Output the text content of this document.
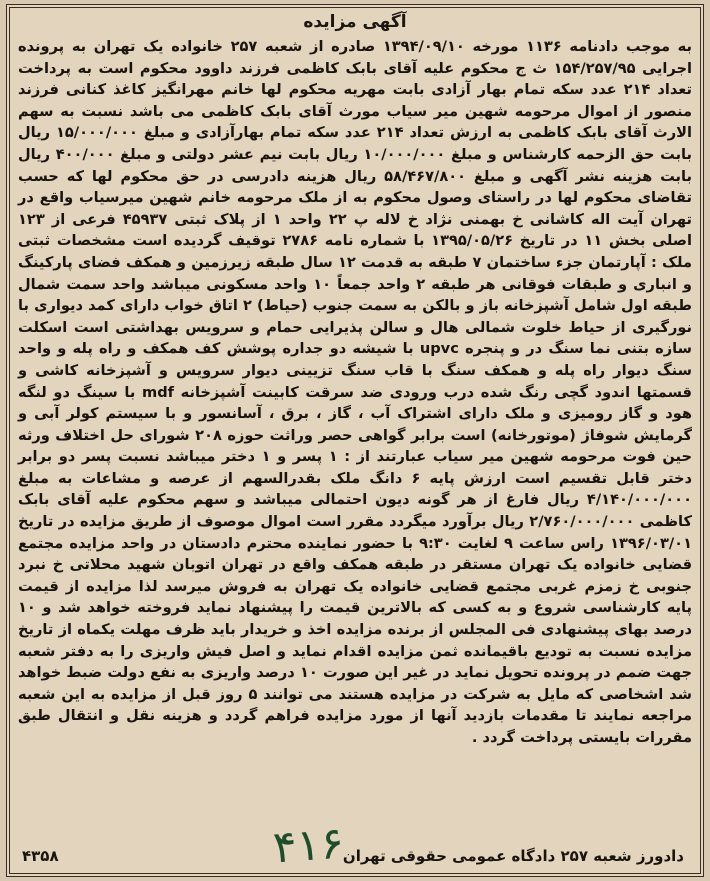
آگهی مزایده

به موجب دادنامه ۱۱۳۶ مورخه ۱۳۹۴/۰۹/۱۰ صادره از شعبه ۲۵۷ خانواده یک تهران به پرونده اجرایی ۱۵۴/۲۵۷/۹۵ ث ج محکوم علیه آقای بابک کاظمی فرزند داوود محکوم است به پرداخت تعداد ۲۱۴ عدد سکه تمام بهار آزادی بابت مهریه محکوم لها خانم مهرانگیز کاغذ کنانی فرزند منصور از اموال مرحومه شهین میر سیاب مورث آقای بابک کاظمی می باشد نسبت به سهم الارث آقای بابک کاظمی به ارزش تعداد ۲۱۴ عدد سکه تمام بهارآزادی و مبلغ ۱۵/۰۰۰/۰۰۰ ریال بابت حق الزحمه کارشناس و مبلغ ۱۰/۰۰۰/۰۰۰ ریال بابت نیم عشر دولتی و مبلغ ۴۰۰/۰۰۰ ریال بابت هزینه نشر آگهی و مبلغ ۵۸/۴۶۷/۸۰۰ ریال هزینه دادرسی در حق محکوم لها که حسب تقاضای محکوم لها در راستای وصول محکوم به از ملک مرحومه خانم شهین میرسیاب واقع در تهران آیت اله کاشانی خ بهمنی نژاد خ لاله پ ۲۲ واحد ۱ از پلاک ثبتی ۴۵۹۳۷ فرعی از ۱۲۳ اصلی بخش ۱۱ در تاریخ ۱۳۹۵/۰۵/۲۶ با شماره نامه ۲۷۸۶ توقیف گردیده است مشخصات ثبتی ملک : آپارتمان جزء ساختمان ۷ طبقه به قدمت ۱۲ سال طبقه زیرزمین و همکف فضای پارکینگ و انباری و طبقات فوقانی هر طبقه ۲ واحد جمعاً ۱۰ واحد مسکونی میباشد واحد سمت شمال طبقه اول شامل آشپزخانه باز و بالکن به سمت جنوب (حیاط) ۲ اتاق خواب دارای کمد دیواری با نورگیری از حیاط خلوت شمالی هال و سالن پذیرایی حمام و سرویس بهداشتی است اسکلت سازه بتنی نما سنگ در و پنجره upvc با شیشه دو جداره پوشش کف همکف و راه پله و واحد سنگ دیوار راه پله و همکف سنگ با قاب سنگ تزیینی دیوار سرویس و آشپزخانه کاشی و قسمتها اندود گچی رنگ شده درب ورودی ضد سرقت کابینت آشپزخانه mdf با سینگ دو لنگه هود و گاز رومیزی و ملک دارای اشتراک آب ، گاز ، برق ، آسانسور و با سیستم کولر آبی و گرمایش شوفاژ (موتورخانه) است برابر گواهی حصر وراثت حوزه ۲۰۸ شورای حل اختلاف ورثه حین فوت مرحومه شهین میر سیاب عبارتند از : ۱ پسر و ۱ دختر میباشد نسبت پسر دو برابر دختر قابل تقسیم است ارزش پایه ۶ دانگ ملک بقدرالسهم از عرصه و مشاعات به مبلغ ۴/۱۴۰/۰۰۰/۰۰۰ ریال فارغ از هر گونه دیون احتمالی میباشد و سهم محکوم علیه آقای بابک کاظمی ۲/۷۶۰/۰۰۰/۰۰۰ ریال برآورد میگردد مقرر است اموال موصوف از طریق مزایده در تاریخ ۱۳۹۶/۰۳/۰۱ راس ساعت ۹ لغایت ۹:۳۰ با حضور نماینده محترم دادستان در واحد مزایده مجتمع قضایی خانواده یک تهران مستقر در طبقه همکف واقع در تهران اتوبان شهید محلاتی خ نبرد جنوبی خ زمزم غربی مجتمع قضایی خانواده یک تهران به فروش میرسد لذا مزایده از قیمت پایه کارشناسی شروع و به کسی که بالاترین قیمت را پیشنهاد نماید فروخته خواهد شد و ۱۰ درصد بهای پیشنهادی فی المجلس از برنده مزایده اخذ و خریدار باید ظرف مهلت یکماه از تاریخ مزایده نسبت به تودیع باقیمانده ثمن مزایده اقدام نماید و اصل فیش واریزی را به دفتر شعبه جهت ضمم در پرونده تحویل نماید در غیر این صورت ۱۰ درصد واریزی به نفع دولت ضبط خواهد شد اشخاصی که مایل به شرکت در مزایده هستند می توانند ۵ روز قبل از مزایده به این شعبه مراجعه نمایند تا مقدمات بازدید آنها از مورد مزایده فراهم گردد و هزینه نقل و انتقال طبق مقررات بایستی پرداخت گردد .

دادورز شعبه ۲۵۷ دادگاه عمومی حقوقی تهران
۴۱۶
۴۳۵۸
